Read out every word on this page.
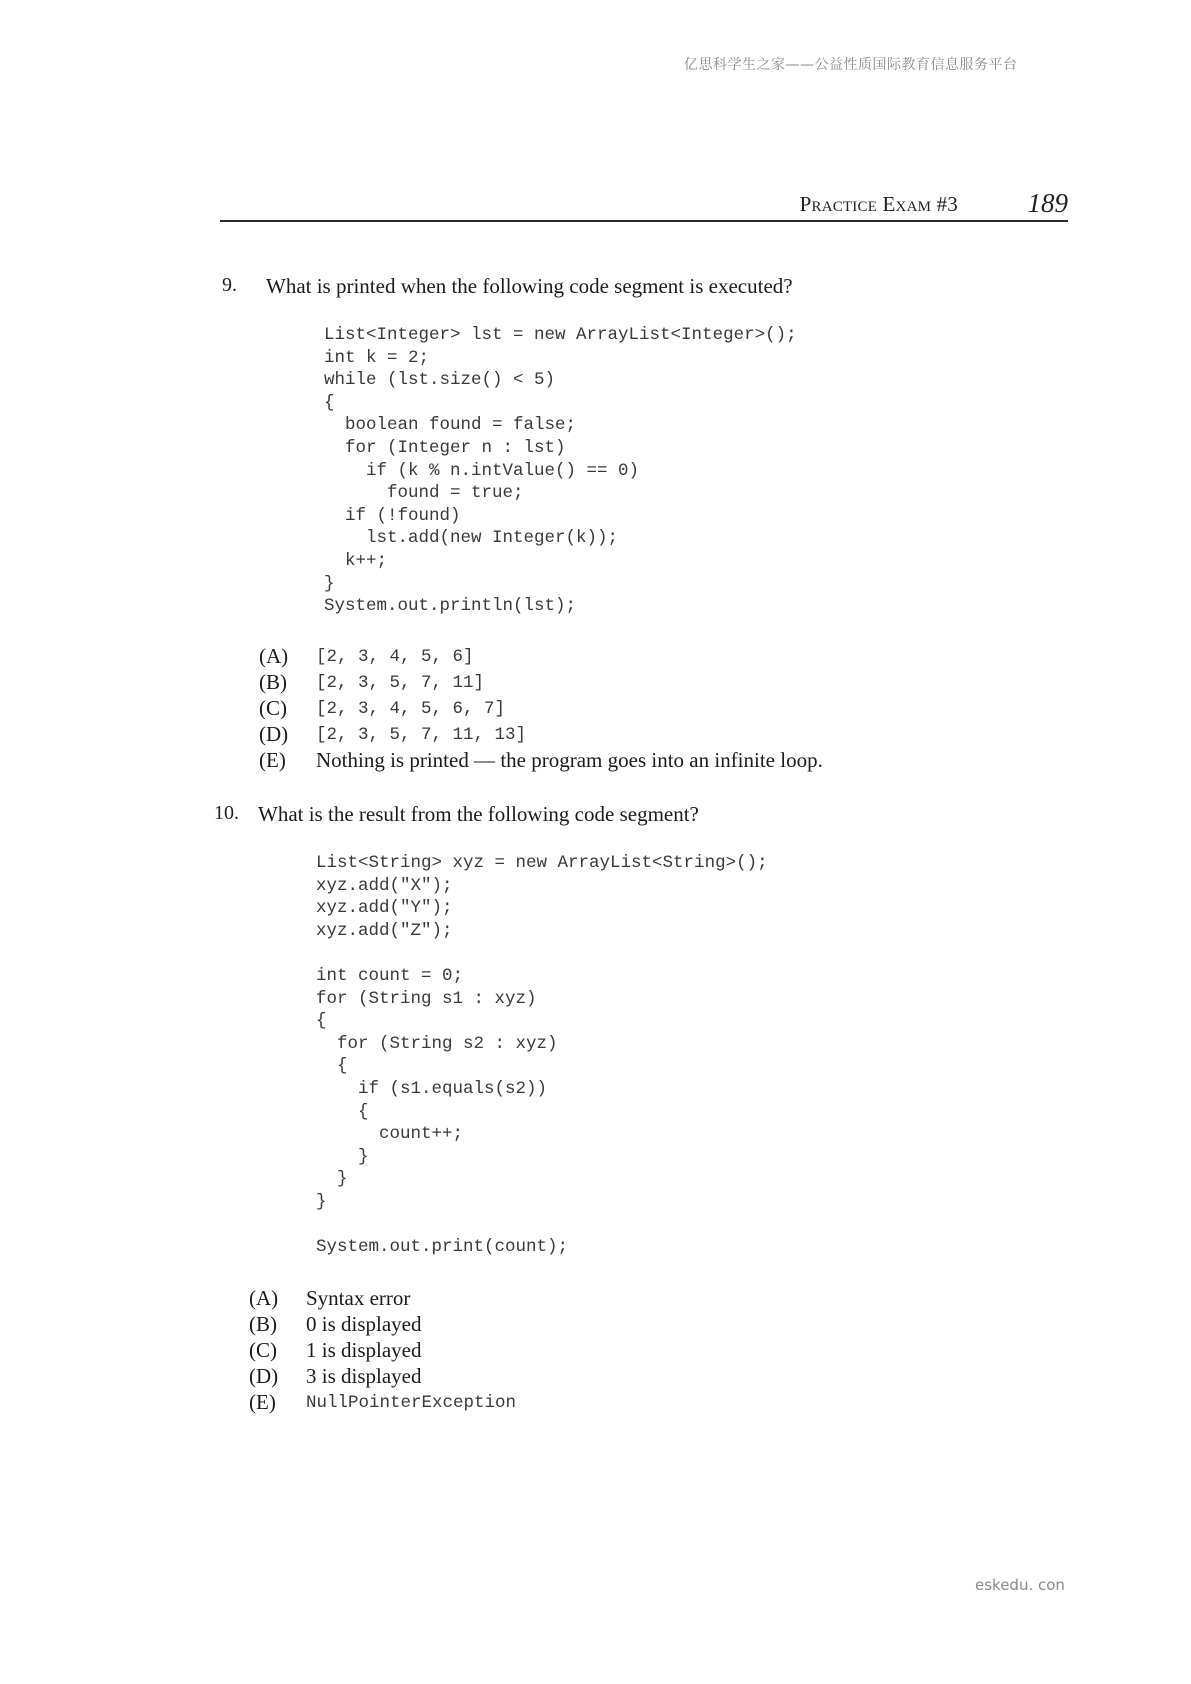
亿思科学生之家——公益性质国际教育信息服务平台
Practice Exam #3	189
9. What is printed when the following code segment is executed?
List<Integer> lst = new ArrayList<Integer>();
int k = 2;
while (lst.size() < 5)
{
boolean found = false;
for (Integer n : lst)
if (k % n.intValue() == 0)
found = true;
if (!found)
lst.add(new Integer(k));
k++;
}
System.out.println(lst);
(A) [2, 3, 4, 5, 6]
(B) [2, 3, 5, 7, 11]
(C) [2, 3, 4, 5, 6, 7]
(D) [2, 3, 5, 7, 11, 13]
(E) Nothing is printed — the program goes into an infinite loop.
10. What is the result from the following code segment?
List<String> xyz = new ArrayList<String>();
xyz.add("X");
xyz.add("Y");
xyz.add("Z");

int count = 0;
for (String s1 : xyz)
{
for (String s2 : xyz)
{
if (s1.equals(s2))
{
count++;
}
}
}

System.out.print(count);
(A) Syntax error
(B) 0 is displayed
(C) 1 is displayed
(D) 3 is displayed
(E) NullPointerException
eskedu. con
